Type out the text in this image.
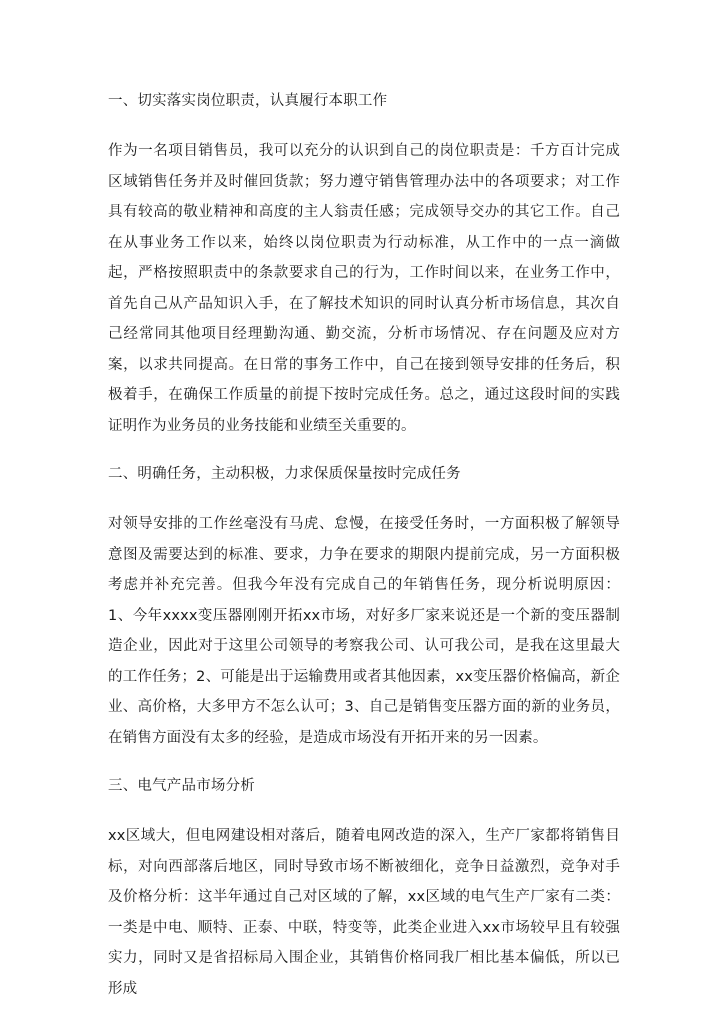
一、切实落实岗位职责，认真履行本职工作
作为一名项目销售员，我可以充分的认识到自己的岗位职责是：千方百计完成区域销售任务并及时催回货款；努力遵守销售管理办法中的各项要求；对工作具有较高的敬业精神和高度的主人翁责任感；完成领导交办的其它工作。自己在从事业务工作以来，始终以岗位职责为行动标准，从工作中的一点一滴做起，严格按照职责中的条款要求自己的行为，工作时间以来，在业务工作中，首先自己从产品知识入手，在了解技术知识的同时认真分析市场信息，其次自己经常同其他项目经理勤沟通、勤交流，分析市场情况、存在问题及应对方案，以求共同提高。在日常的事务工作中，自己在接到领导安排的任务后，积极着手，在确保工作质量的前提下按时完成任务。总之，通过这段时间的实践证明作为业务员的业务技能和业绩至关重要的。
二、明确任务，主动积极，力求保质保量按时完成任务
对领导安排的工作丝毫没有马虎、怠慢，在接受任务时，一方面积极了解领导意图及需要达到的标准、要求，力争在要求的期限内提前完成，另一方面积极考虑并补充完善。但我今年没有完成自己的年销售任务，现分析说明原因： 1、今年xxxx变压器刚刚开拓xx市场，对好多厂家来说还是一个新的变压器制造企业，因此对于这里公司领导的考察我公司、认可我公司，是我在这里最大的工作任务；2、可能是出于运输费用或者其他因素，xx变压器价格偏高，新企业、高价格，大多甲方不怎么认可；3、自己是销售变压器方面的新的业务员，在销售方面没有太多的经验，是造成市场没有开拓开来的另一因素。
三、电气产品市场分析
xx区域大，但电网建设相对落后，随着电网改造的深入，生产厂家都将销售目标，对向西部落后地区，同时导致市场不断被细化，竞争日益激烈，竞争对手及价格分析：这半年通过自己对区域的了解，xx区域的电气生产厂家有二类：一类是中电、顺特、正泰、中联，特变等，此类企业进入xx市场较早且有较强实力，同时又是省招标局入围企业，其销售价格同我厂相比基本偏低，所以已形成
